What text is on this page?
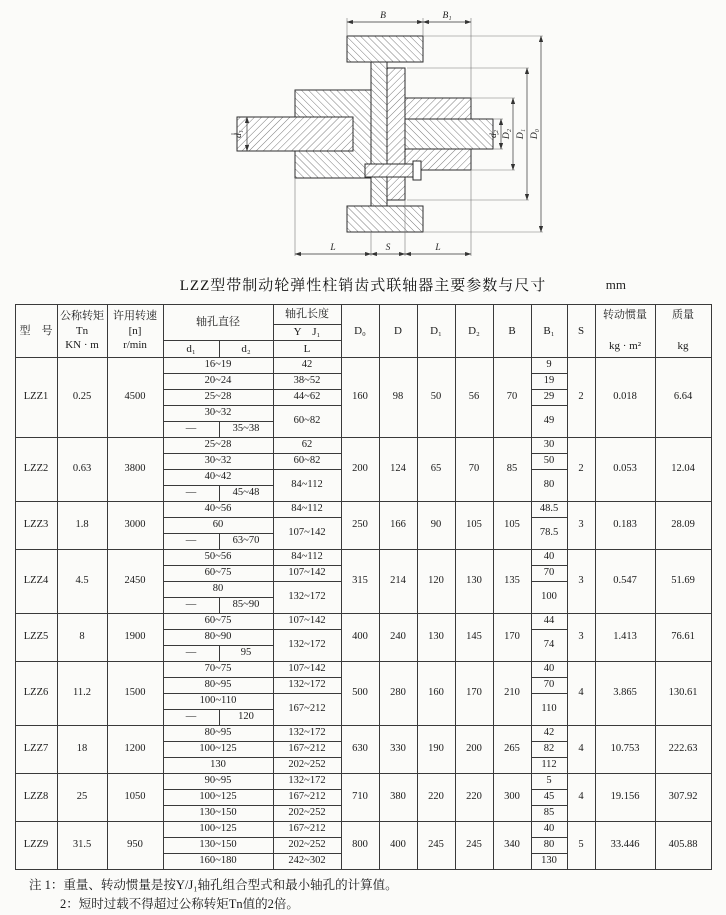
B	B₁
d₁	d₂ D₂ D₁ D₀
L	S	L
LZZ型带制动轮弹性柱销齿式联轴器主要参数与尺寸	mm
型　号	
公称转矩
Tn
KN · m

许用转速
[n]
r/min
	轴孔直径	轴孔长度	D₀	D	D₁	D₂	B	B₁	S	
转动惯量
kg · m²

质量
kg

					Y　J₁									
			d₁	d₂	L									
LZZ1	0.25	4500	16~19		42	160	98	50	56	70	9	2	0.018	6.64
			20~24		38~52						19			
			25~28		44~62						29			
			30~32		60~82						49			
			—	35~38										
LZZ2	0.63	3800	25~28		62	200	124	65	70	85	30	2	0.053	12.04
			30~32		60~82						50			
			40~42		84~112						80			
			—	45~48										
LZZ3	1.8	3000	40~56		84~112	250	166	90	105	105	48.5	3	0.183	28.09
			60		107~142						78.5			
			—	63~70										
LZZ4	4.5	2450	50~56		84~112	315	214	120	130	135	40	3	0.547	51.69
			60~75		107~142						70			
			80		132~172						100			
			—	85~90										
LZZ5	8	1900	60~75		107~142	400	240	130	145	170	44	3	1.413	76.61
			80~90		132~172						74			
			—	95										
LZZ6	11.2	1500	70~75		107~142	500	280	160	170	210	40	4	3.865	130.61
			80~95		132~172						70			
			100~110		167~212						110			
			—	120										
LZZ7	18	1200	80~95		132~172	630	330	190	200	265	42	4	10.753	222.63
			100~125		167~212						82			
			130		202~252						112			
LZZ8	25	1050	90~95		132~172	710	380	220	220	300	5	4	19.156	307.92
			100~125		167~212						45			
			130~150		202~252						85			
LZZ9	31.5	950	100~125		167~212	800	400	245	245	340	40	5	33.446	405.88
			130~150		202~252						80			
			160~180		242~302						130			
注 1：重量、转动惯量是按Y/J₁轴孔组合型式和最小轴孔的计算值。
2：短时过载不得超过公称转矩Tn值的2倍。
